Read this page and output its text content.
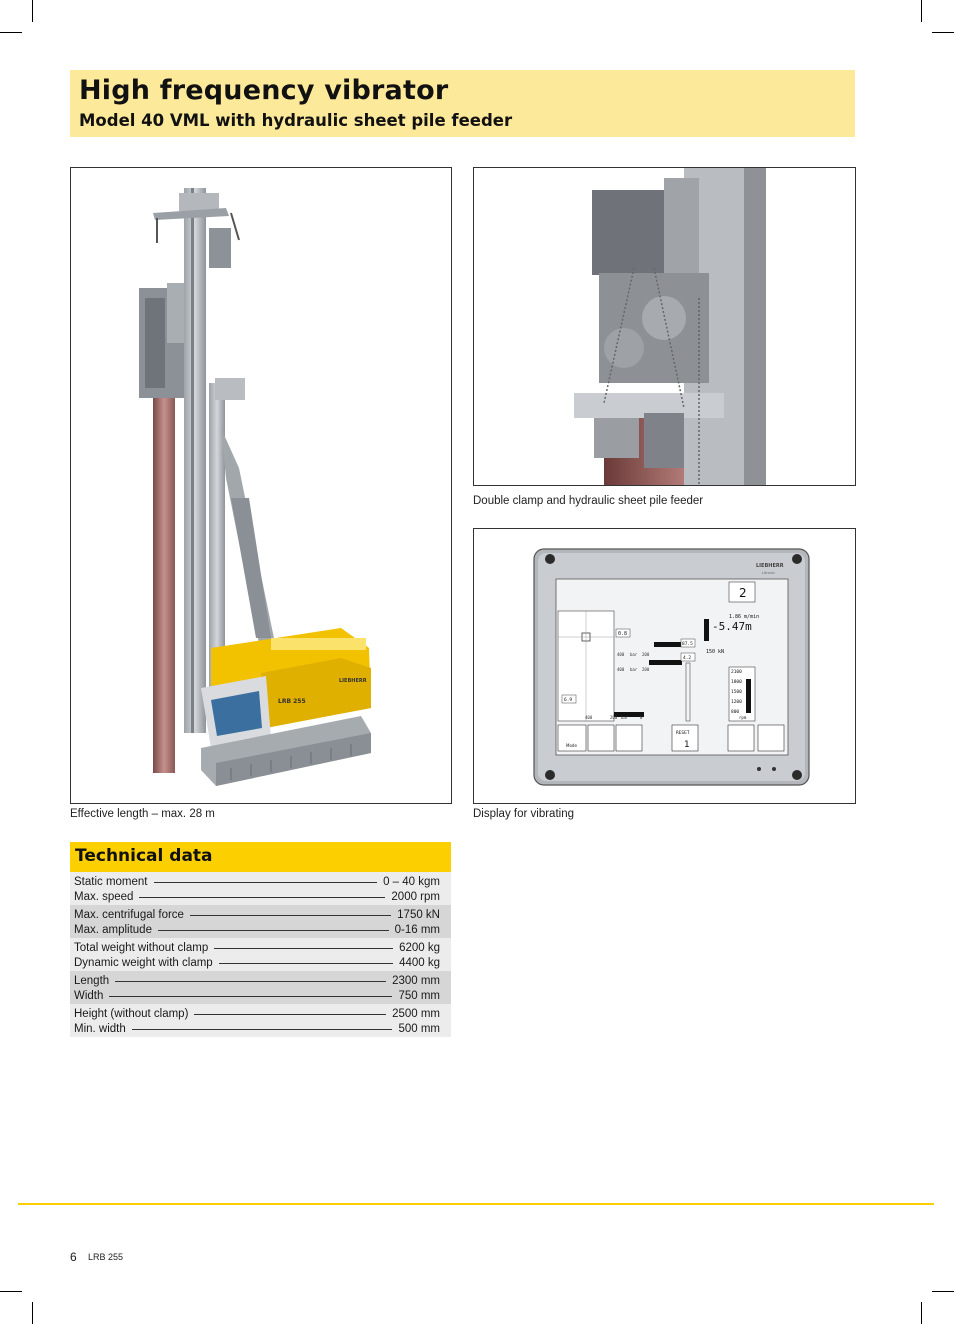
High frequency vibrator

Model 40 VML with hydraulic sheet pile feeder

LRB 255
LIEBHERR
Effective length – max. 28 m
Double clamp and hydraulic sheet pile feeder
LIEBHERR
Litronic
0.8
87.5
4.2
400 bar 200
400 bar 200
6.9
400	200 bar	0
2
1.86 m/min
-5.47m
150 kN
2100
1800
1500
1200
800
rpm
Mode
RESET
1
Display for vibrating
Technical data
Static moment	0 – 40 kgm
Max. speed	2000 rpm
Max. centrifugal force	1750 kN
Max. amplitude	0-16 mm
Total weight without clamp	6200 kg
Dynamic weight with clamp	4400 kg
Length	2300 mm
Width	750 mm
Height (without clamp)	2500 mm
Min. width	500 mm
6 LRB 255
